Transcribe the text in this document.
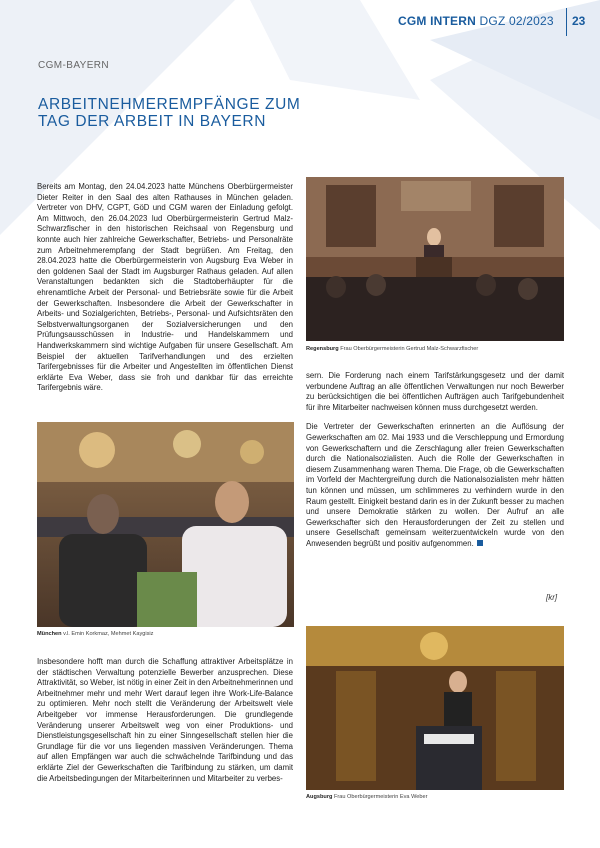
CGM INTERN DGZ 02/2023 23
CGM-BAYERN
ARBEITNEHMEREMPFÄNGE ZUM
TAG DER ARBEIT IN BAYERN

Bereits am Montag, den 24.04.2023 hatte Münchens Oberbürgermeister Dieter Reiter in den Saal des alten Rathauses in München geladen. Vertreter von DHV, CGPT, GöD und CGM waren der Einladung gefolgt. Am Mittwoch, den 26.04.2023 lud Oberbürgermeisterin Gertrud Malz-Schwarzfischer in den historischen Reichsaal von Regensburg und konnte auch hier zahlreiche Gewerkschafter, Betriebs- und Personalräte zum Arbeitnehmerempfang der Stadt begrüßen. Am Freitag, den 28.04.2023 hatte die Oberbürgermeisterin von Augsburg Eva Weber in den goldenen Saal der Stadt im Augsburger Rathaus geladen. Auf allen Veranstaltungen bedankten sich die Stadtoberhäupter für die ehrenamtliche Arbeit der Personal- und Betriebsräte sowie für die Arbeit der Gewerkschaften. Insbesondere die Arbeit der Gewerkschafter in Arbeits- und Sozialgerichten, Betriebs-, Personal- und Aufsichtsräten den Selbstverwaltungsorganen der Sozialversicherungen und den Prüfungsausschüssen in Industrie- und Handelskammern und Handwerkskammern sind wichtige Aufgaben für unsere Gesellschaft. Am Beispiel der aktuellen Tarifverhandlungen und des erzielten Tarifergebnisses für die Arbeiter und Angestellten im öffentlichen Dienst erklärte Eva Weber, dass sie froh und dankbar für das erreichte Tarifergebnis wäre.

München v.l. Emin Korkmaz, Mehmet Kaygisiz

Insbesondere hofft man durch die Schaffung attraktiver Arbeitsplätze in der städtischen Verwaltung potenzielle Bewerber anzusprechen. Diese Attraktivität, so Weber, ist nötig in einer Zeit in den Arbeitnehmerinnen und Arbeitnehmer mehr und mehr Wert darauf legen ihre Work-Life-Balance zu optimieren. Mehr noch stellt die Veränderung der Arbeitswelt viele Arbeitgeber vor immense Herausforderungen. Die grundlegende Veränderung unserer Arbeitswelt weg von einer Produktions- und Dienstleistungsgesellschaft hin zu einer Sinngesellschaft stellen hier die Grundlage für die vor uns liegenden massiven Veränderungen. Thema auf allen Empfängen war auch die schwächelnde Tarifbindung und das erklärte Ziel der Gewerkschaften die Tarifbindung zu stärken, um damit die Arbeitsbedingungen der Mitarbeiterinnen und Mitarbeiter zu verbes-

Regensburg Frau Oberbürgermeisterin Gertrud Malz-Schwarzfischer

sern. Die Forderung nach einem Tarifstärkungsgesetz und der damit verbundene Auftrag an alle öffentlichen Verwaltungen nur noch Bewerber zu berücksichtigen die bei öffentlichen Aufträgen auch Tarifgebundenheit für ihre Mitarbeiter nachweisen können muss durchgesetzt werden.

Die Vertreter der Gewerkschaften erinnerten an die Auflösung der Gewerkschaften am 02. Mai 1933 und die Verschleppung und Ermordung von Gewerkschaftern und die Zerschlagung aller freien Gewerkschaften durch die Nationalsozialisten. Auch die Rolle der Gewerkschaften in diesem Zusammenhang waren Thema. Die Frage, ob die Gewerkschaften im Vorfeld der Machtergreifung durch die Nationalsozialisten mehr hätten tun können und müssen, um schlimmeres zu verhindern wurde in den Raum gestellt. Einigkeit bestand darin es in der Zukunft besser zu machen und unsere Demokratie stärken zu wollen. Der Aufruf an alle Gewerkschafter sich den Herausforderungen der Zeit zu stellen und unsere Gesellschaft gemeinsam weiterzuentwickeln wurde von den Anwesenden begrüßt und positiv aufgenommen.

[kr]
Augsburg Frau Oberbürgermeisterin Eva Weber
